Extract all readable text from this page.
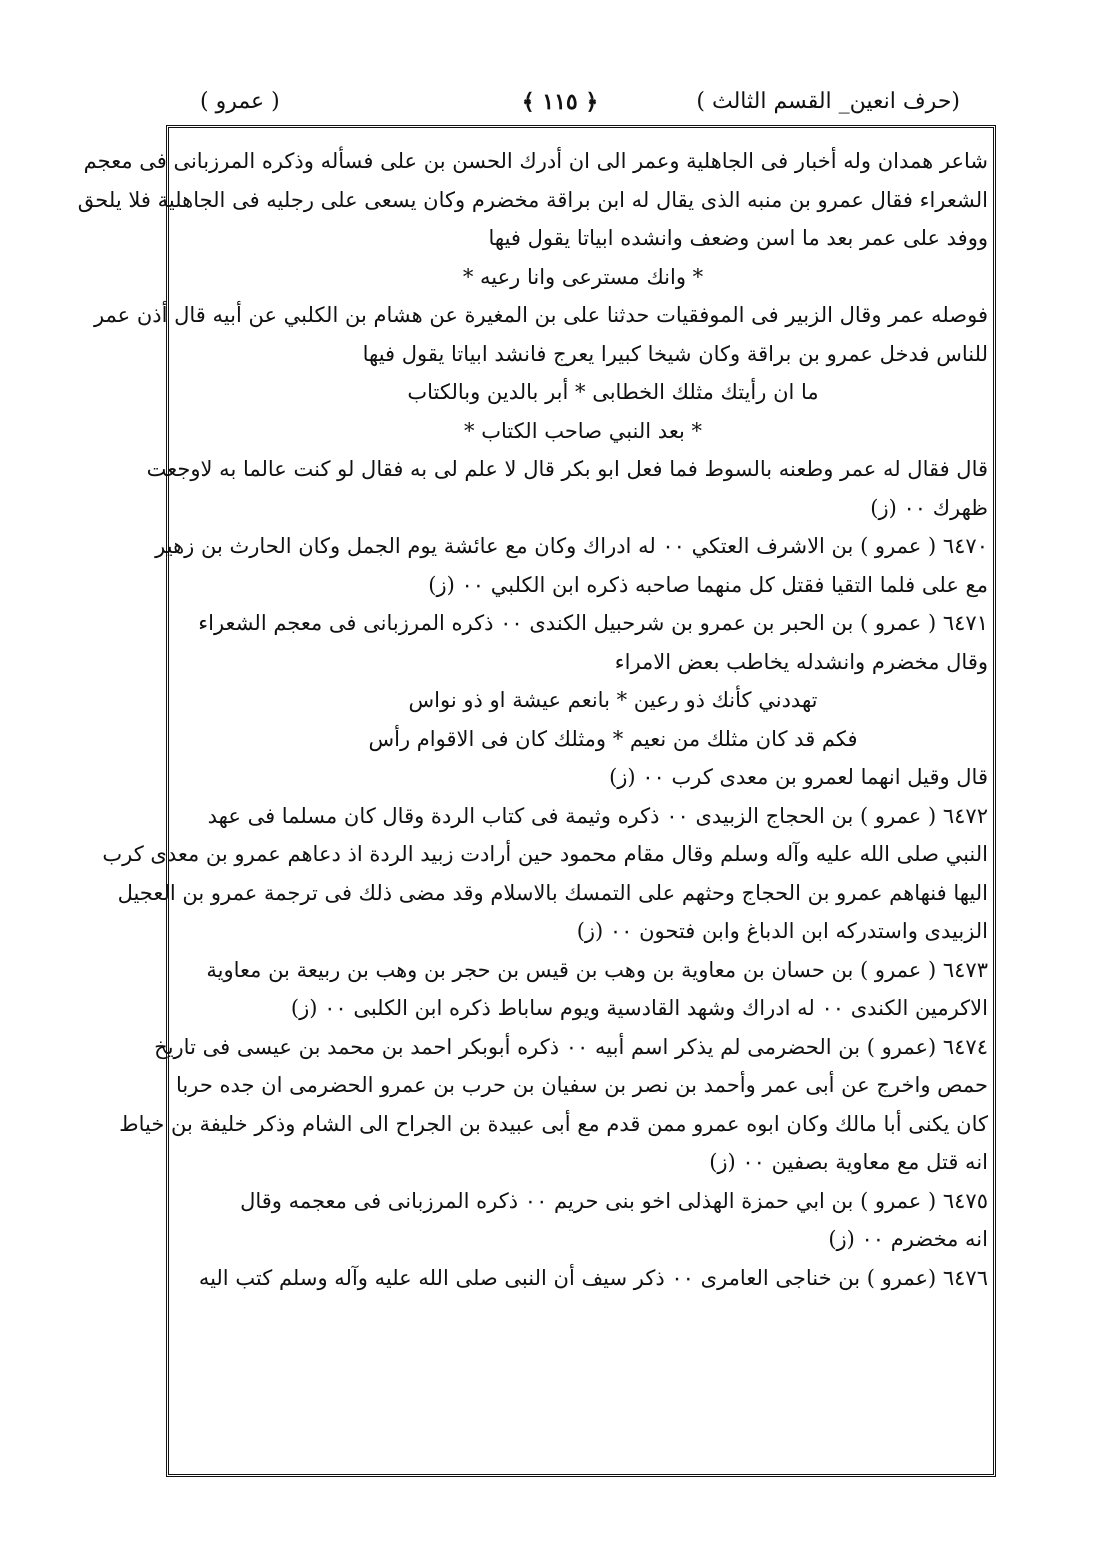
(حرف انعين_ القسم الثالث )
﴿ ١١٥ ﴾
( عمرو )
شاعر همدان وله أخبار فى الجاهلية وعمر الى ان أدرك الحسن بن على فسأله وذكره المرزبانى فى معجم
الشعراء فقال عمرو بن منبه الذى يقال له ابن براقة مخضرم وكان يسعى على رجليه فى الجاهلية فلا يلحق
ووفد على عمر بعد ما اسن وضعف وانشده ابياتا يقول فيها
* وانك مسترعى وانا رعيه *
فوصله عمر وقال الزبير فى الموفقيات حدثنا على بن المغيرة عن هشام بن الكلبي عن أبيه قال أذن عمر
للناس فدخل عمرو بن براقة وكان شيخا كبيرا يعرج فانشد ابياتا يقول فيها
ما ان رأيتك مثلك الخطابى * أبر بالدين وبالكتاب
* بعد النبي صاحب الكتاب *
قال فقال له عمر وطعنه بالسوط فما فعل ابو بكر قال لا علم لى به فقال لو كنت عالما به لاوجعت
ظهرك ٠٠ (ز)
٦٤٧٠ ( عمرو ) بن الاشرف العتكي ٠٠ له ادراك وكان مع عائشة يوم الجمل وكان الحارث بن زهير
مع على فلما التقيا فقتل كل منهما صاحبه ذكره ابن الكلبي ٠٠ (ز)
٦٤٧١ ( عمرو ) بن الحبر بن عمرو بن شرحبيل الكندى ٠٠ ذكره المرزبانى فى معجم الشعراء
وقال مخضرم وانشدله يخاطب بعض الامراء
تهددني كأنك ذو رعين * بانعم عيشة او ذو نواس
فكم قد كان مثلك من نعيم * ومثلك كان فى الاقوام رأس
قال وقيل انهما لعمرو بن معدى كرب ٠٠ (ز)
٦٤٧٢ ( عمرو ) بن الحجاج الزبيدى ٠٠ ذكره وثيمة فى كتاب الردة وقال كان مسلما فى عهد
النبي صلى الله عليه وآله وسلم وقال مقام محمود حين أرادت زبيد الردة اذ دعاهم عمرو بن معدى كرب
اليها فنهاهم عمرو بن الحجاج وحثهم على التمسك بالاسلام وقد مضى ذلك فى ترجمة عمرو بن العجيل
الزبيدى واستدركه ابن الدباغ وابن فتحون ٠٠ (ز)
٦٤٧٣ ( عمرو ) بن حسان بن معاوية بن وهب بن قيس بن حجر بن وهب بن ربيعة بن معاوية
الاكرمين الكندى ٠٠ له ادراك وشهد القادسية ويوم ساباط ذكره ابن الكلبى ٠٠ (ز)
٦٤٧٤ (عمرو ) بن الحضرمى لم يذكر اسم أبيه ٠٠ ذكره أبوبكر احمد بن محمد بن عيسى فى تاريخ
حمص واخرج عن أبى عمر وأحمد بن نصر بن سفيان بن حرب بن عمرو الحضرمى ان جده حربا
كان يكنى أبا مالك وكان ابوه عمرو ممن قدم مع أبى عبيدة بن الجراح الى الشام وذكر خليفة بن خياط
انه قتل مع معاوية بصفين ٠٠ (ز)
٦٤٧٥ ( عمرو ) بن ابي حمزة الهذلى اخو بنى حريم ٠٠ ذكره المرزبانى فى معجمه وقال
انه مخضرم ٠٠ (ز)
٦٤٧٦ (عمرو ) بن خناجى العامرى ٠٠ ذكر سيف أن النبى صلى الله عليه وآله وسلم كتب اليه
